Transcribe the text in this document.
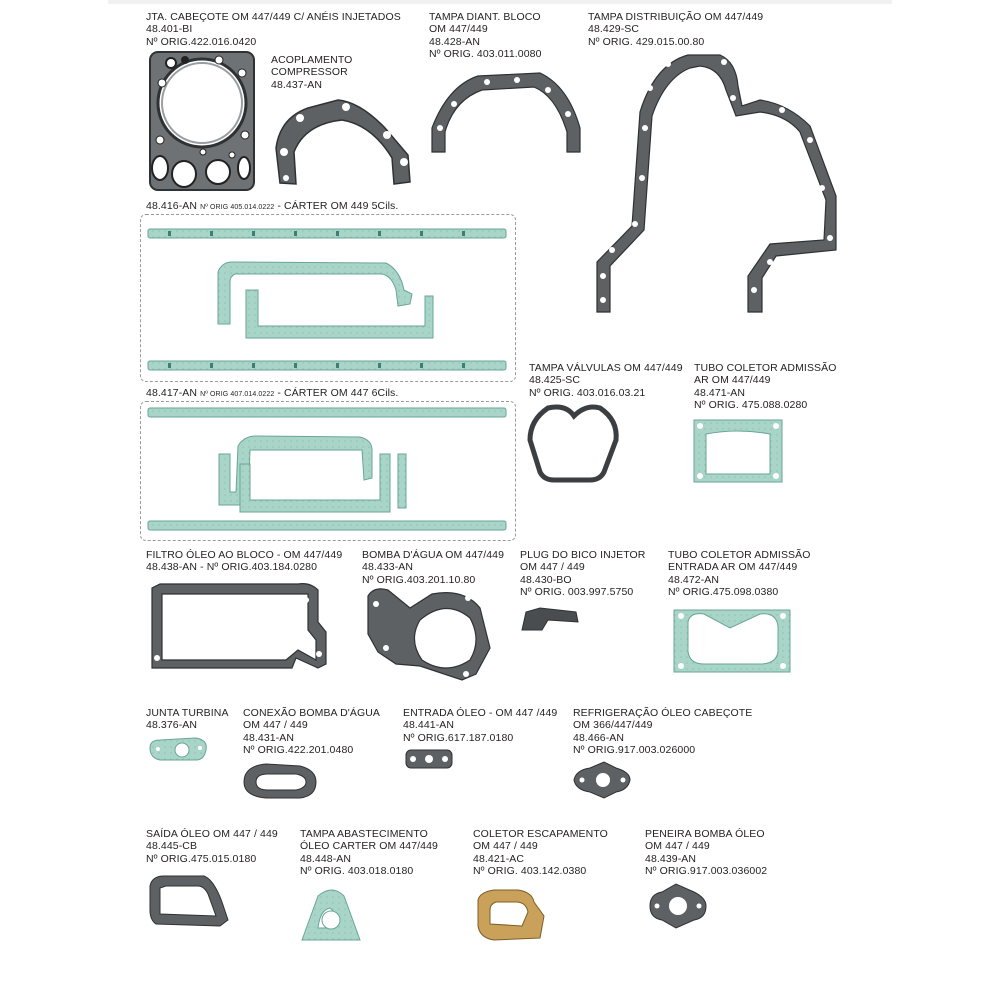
JTA. CABEÇOTE OM 447/449 C/ ANÉIS INJETADOS
48.401-BI
Nº ORIG.422.016.0420
ACOPLAMENTO
COMPRESSOR
48.437-AN
TAMPA DIANT. BLOCO
OM 447/449
48.428-AN
Nº ORIG. 403.011.0080
TAMPA DISTRIBUIÇÃO OM 447/449
48.429-SC
Nº ORIG. 429.015.00.80
48.416-AN Nº ORIG 405.014.0222 - CÁRTER OM 449 5Cils.
48.417-AN Nº ORIG 407.014.0222 - CÁRTER OM 447 6Cils.
TAMPA VÁLVULAS OM 447/449
48.425-SC
Nº ORIG. 403.016.03.21
TUBO COLETOR ADMISSÃO
AR OM 447/449
48.471-AN
Nº ORIG. 475.088.0280
FILTRO ÓLEO AO BLOCO - OM 447/449
48.438-AN - Nº ORIG.403.184.0280
BOMBA D'ÁGUA OM 447/449
48.433-AN
Nº ORIG.403.201.10.80
PLUG DO BICO INJETOR
OM 447 / 449
48.430-BO
Nº ORIG. 003.997.5750
TUBO COLETOR ADMISSÃO
ENTRADA AR OM 447/449
48.472-AN
Nº ORIG.475.098.0380
JUNTA TURBINA
48.376-AN
CONEXÃO BOMBA D'ÁGUA
OM 447 / 449
48.431-AN
Nº ORIG.422.201.0480
ENTRADA ÓLEO - OM 447 /449
48.441-AN
Nº ORIG.617.187.0180
REFRIGERAÇÃO ÓLEO CABEÇOTE
OM 366/447/449
48.466-AN
Nº ORIG.917.003.026000
SAÍDA ÓLEO OM 447 / 449
48.445-CB
Nº ORIG.475.015.0180
TAMPA ABASTECIMENTO
ÓLEO CARTER OM 447/449
48.448-AN
Nº ORIG. 403.018.0180
COLETOR ESCAPAMENTO
OM 447 / 449
48.421-AC
Nº ORIG. 403.142.0380
PENEIRA BOMBA ÓLEO
OM 447 / 449
48.439-AN
Nº ORIG.917.003.036002
